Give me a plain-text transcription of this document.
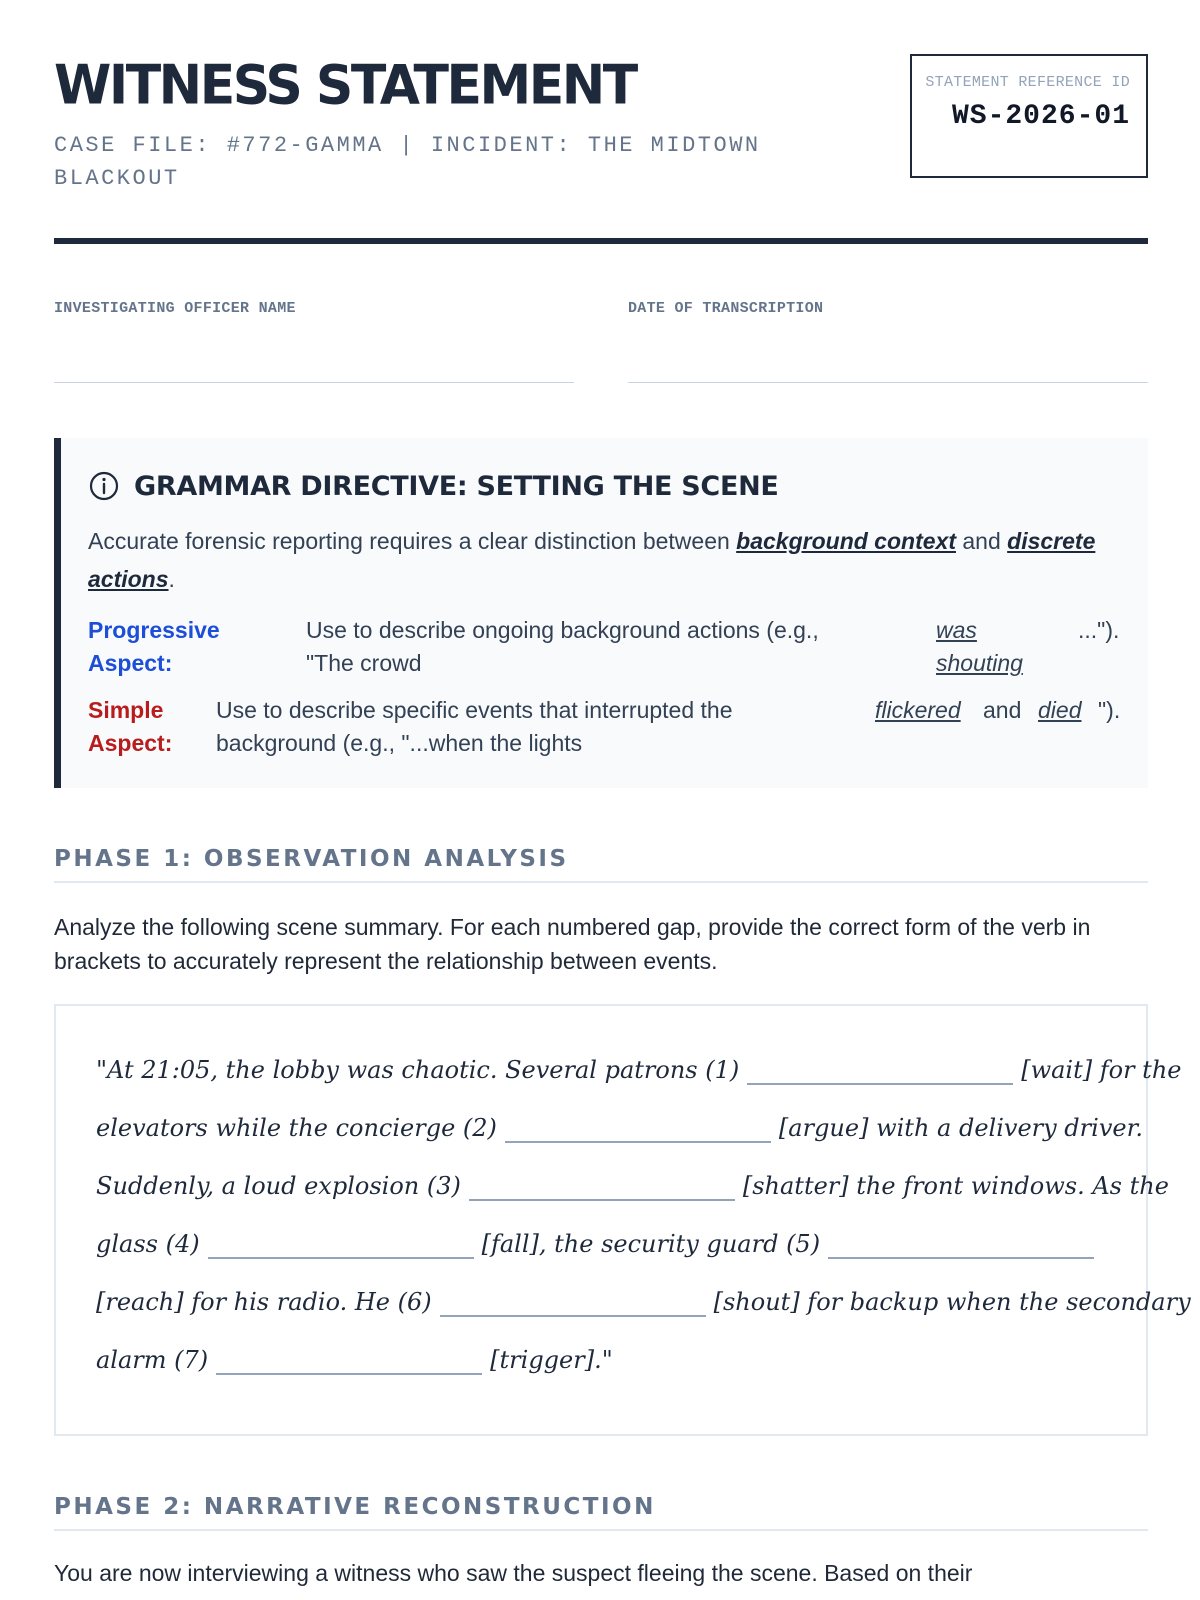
WITNESS STATEMENT
CASE FILE: #772-GAMMA | INCIDENT: THE MIDTOWN BLACKOUT
STATEMENT REFERENCE ID
WS-2026-01
INVESTIGATING OFFICER NAME	DATE OF TRANSCRIPTION
GRAMMAR DIRECTIVE: SETTING THE SCENE
Accurate forensic reporting requires a clear distinction between background context and discrete actions.
Progressive
Aspect:
Use to describe ongoing background actions (e.g.,
"The crowd
was
shouting
...").
Simple
Aspect:
Use to describe specific events that interrupted the
background (e.g., "...when the lights
flickered and died ").
PHASE 1: OBSERVATION ANALYSIS
Analyze the following scene summary. For each numbered gap, provide the correct form of the verb in brackets to accurately represent the relationship between events.
"At 21:05, the lobby was chaotic. Several patrons (1)	[wait] for the
elevators while the concierge (2)	[argue] with a delivery driver.
Suddenly, a loud explosion (3)	[shatter] the front windows. As the
glass (4)	[fall], the security guard (5)
[reach] for his radio. He (6)	[shout] for backup when the secondary
alarm (7)	[trigger]."
PHASE 2: NARRATIVE RECONSTRUCTION
You are now interviewing a witness who saw the suspect fleeing the scene. Based on their
